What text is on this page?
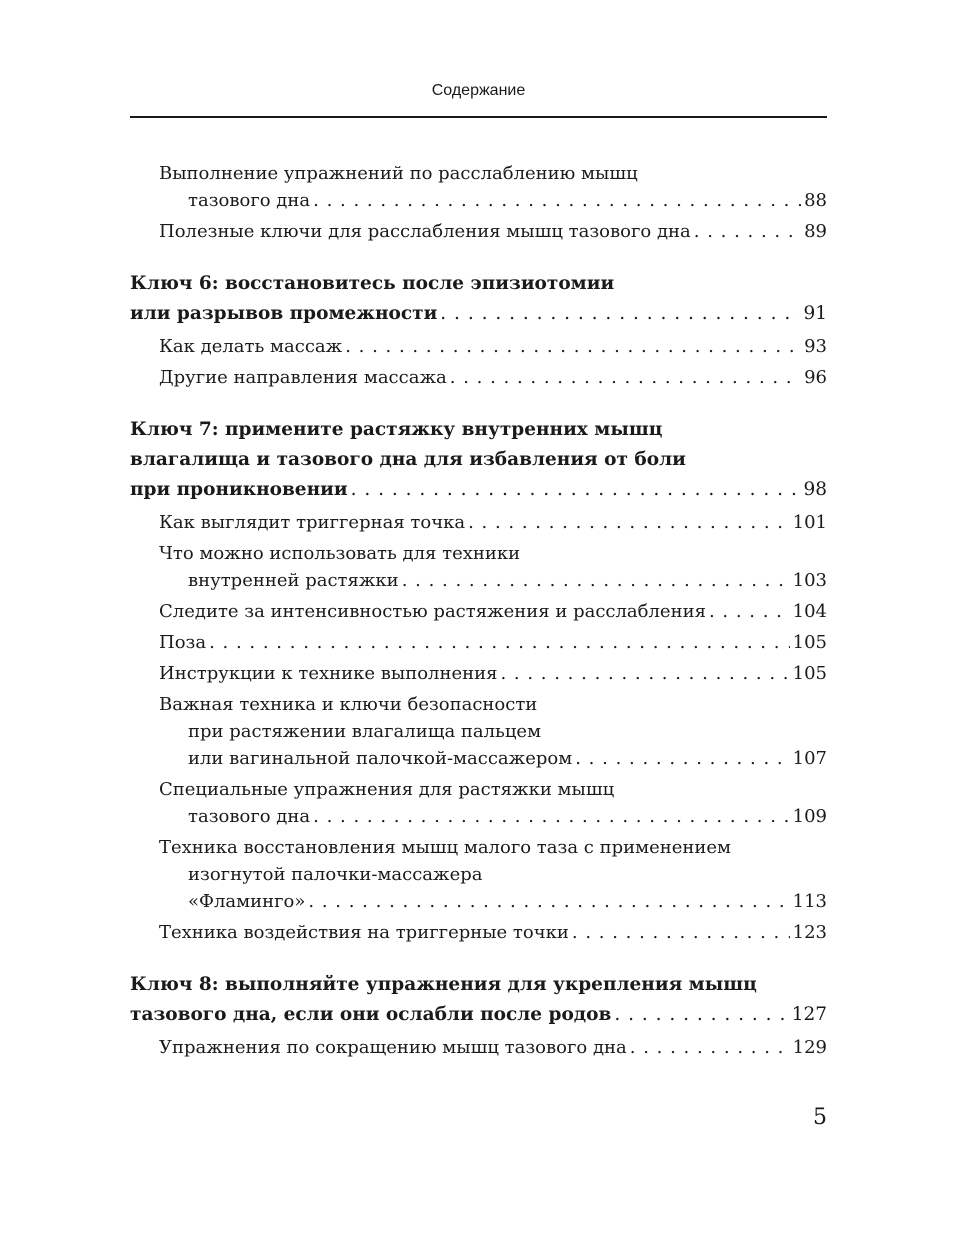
Содержание
Выполнение упражнений по расслаблению мышц
тазового дна . . .	88
Полезные ключи для расслабления мышц тазового дна . . .	89
Ключ 6: восстановитесь после эпизиотомии
или разрывов промежности . . .	91
Как делать массаж . . .	93
Другие направления массажа . . .	96
Ключ 7: примените растяжку внутренних мышц
влагалища и тазового дна для избавления от боли
при проникновении . . .	98
Как выглядит триггерная точка . . .	101
Что можно использовать для техники
внутренней растяжки . . .	103
Следите за интенсивностью растяжения и расслабления . . .	104
Поза . . .	105
Инструкции к технике выполнения . . .	105
Важная техника и ключи безопасности
при растяжении влагалища пальцем
или вагинальной палочкой-массажером . . .	107
Специальные упражнения для растяжки мышц
тазового дна . . .	109
Техника восстановления мышц малого таза с применением
изогнутой палочки-массажера
«Фламинго» . . .	113
Техника воздействия на триггерные точки . . .	123
Ключ 8: выполняйте упражнения для укрепления мышц
тазового дна, если они ослабли после родов . . .	127
Упражнения по сокращению мышц тазового дна . . .	129
5
